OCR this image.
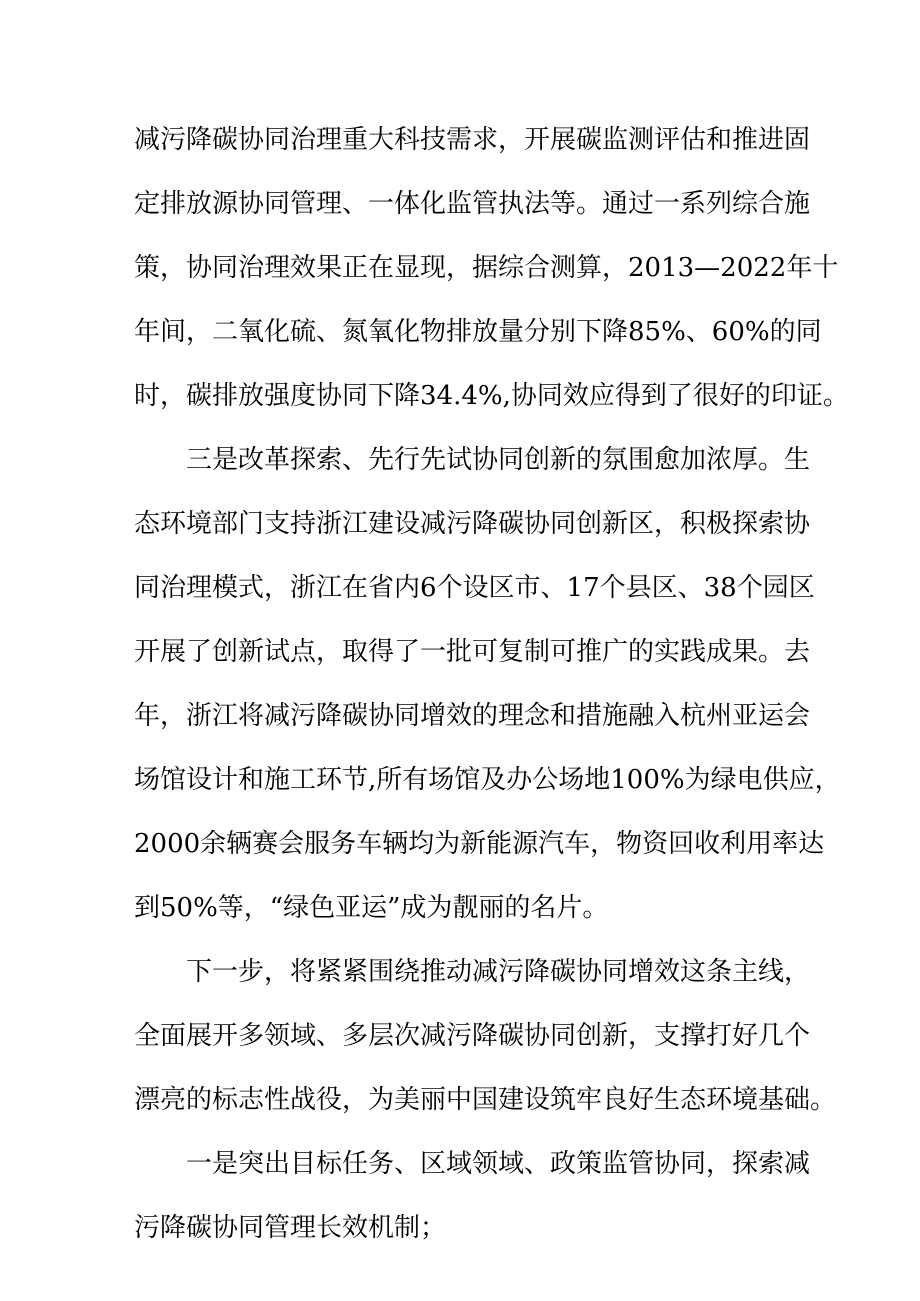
减污降碳协同治理重大科技需求，开展碳监测评估和推进固
定排放源协同管理、一体化监管执法等。通过一系列综合施
策，协同治理效果正在显现，据综合测算，2013—2022年十
年间，二氧化硫、氮氧化物排放量分别下降85%、60%的同
时，碳排放强度协同下降34.4%,协同效应得到了很好的印证。
三是改革探索、先行先试协同创新的氛围愈加浓厚。生
态环境部门支持浙江建设减污降碳协同创新区，积极探索协
同治理模式，浙江在省内6个设区市、17个县区、38个园区
开展了创新试点，取得了一批可复制可推广的实践成果。去
年，浙江将减污降碳协同增效的理念和措施融入杭州亚运会
场馆设计和施工环节,所有场馆及办公场地100%为绿电供应，
2000余辆赛会服务车辆均为新能源汽车，物资回收利用率达
到50%等，“绿色亚运”成为靓丽的名片。
下一步，将紧紧围绕推动减污降碳协同增效这条主线，
全面展开多领域、多层次减污降碳协同创新，支撑打好几个
漂亮的标志性战役，为美丽中国建设筑牢良好生态环境基础。
一是突出目标任务、区域领域、政策监管协同，探索减
污降碳协同管理长效机制；
